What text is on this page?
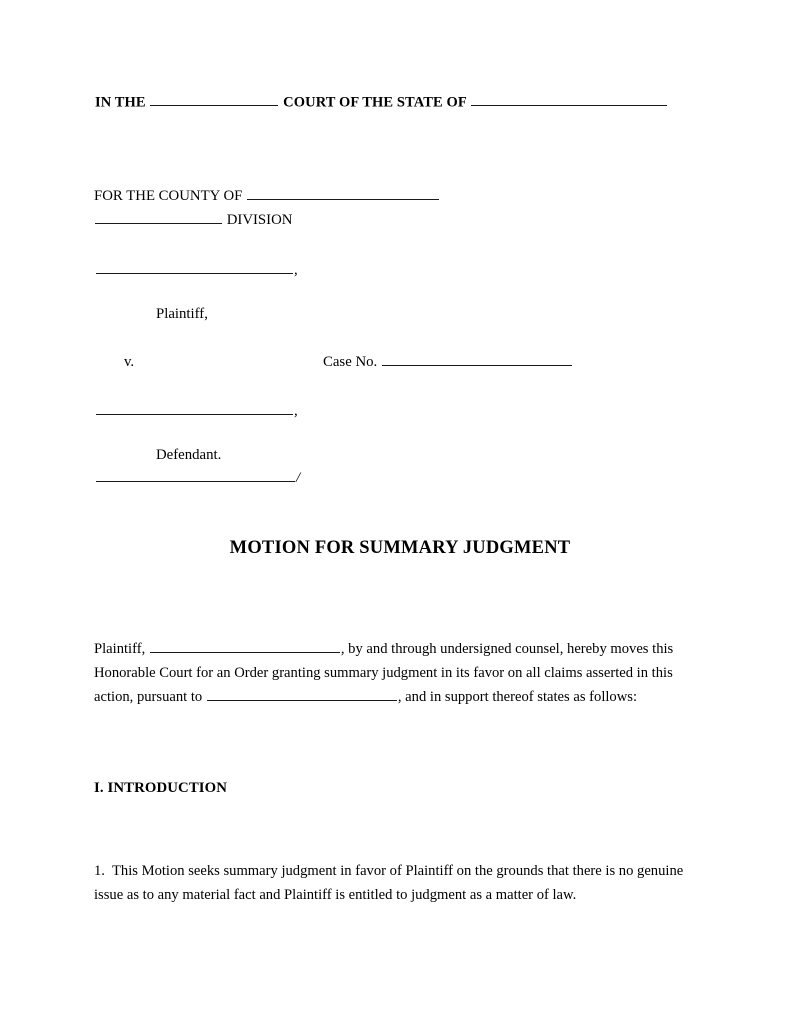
IN THE	COURT OF THE STATE OF
FOR THE COUNTY OF
DIVISION
,
Plaintiff,
v.	Case No.
,
Defendant.
/
MOTION FOR SUMMARY JUDGMENT
Plaintiff,	, by and through undersigned counsel, hereby moves this Honorable Court for an Order granting summary judgment in its favor on all claims asserted in this action, pursuant to	, and in support thereof states as follows:
I. INTRODUCTION
1. This Motion seeks summary judgment in favor of Plaintiff on the grounds that there is no genuine issue as to any material fact and Plaintiff is entitled to judgment as a matter of law.
